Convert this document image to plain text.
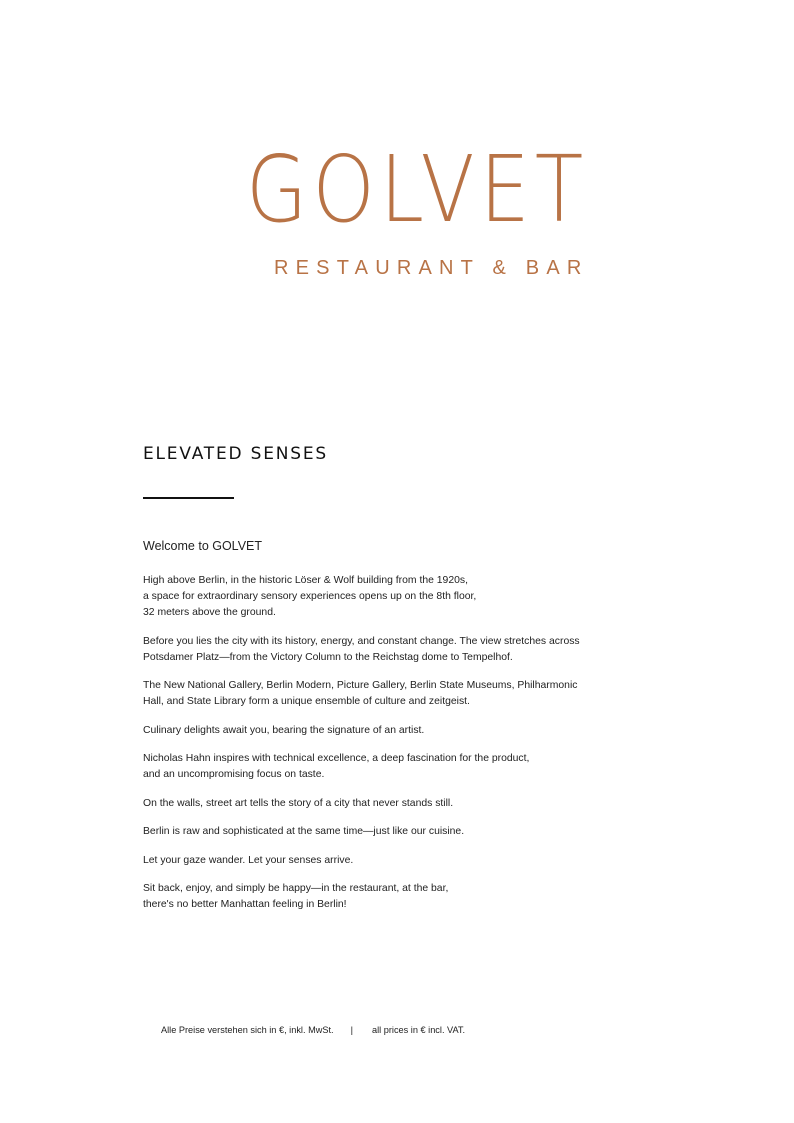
GOLVET
RESTAURANT & BAR
ELEVATED SENSES
Welcome to GOLVET

High above Berlin, in the historic Löser & Wolf building from the 1920s,
a space for extraordinary sensory experiences opens up on the 8th floor,
32 meters above the ground.

Before you lies the city with its history, energy, and constant change. The view stretches across
Potsdamer Platz—from the Victory Column to the Reichstag dome to Tempelhof.

The New National Gallery, Berlin Modern, Picture Gallery, Berlin State Museums, Philharmonic
Hall, and State Library form a unique ensemble of culture and zeitgeist.

Culinary delights await you, bearing the signature of an artist.

Nicholas Hahn inspires with technical excellence, a deep fascination for the product,
and an uncompromising focus on taste.

On the walls, street art tells the story of a city that never stands still.

Berlin is raw and sophisticated at the same time—just like our cuisine.

Let your gaze wander. Let your senses arrive.

Sit back, enjoy, and simply be happy—in the restaurant, at the bar,
there's no better Manhattan feeling in Berlin!

Alle Preise verstehen sich in €, inkl. MwSt. | all prices in € incl. VAT.
